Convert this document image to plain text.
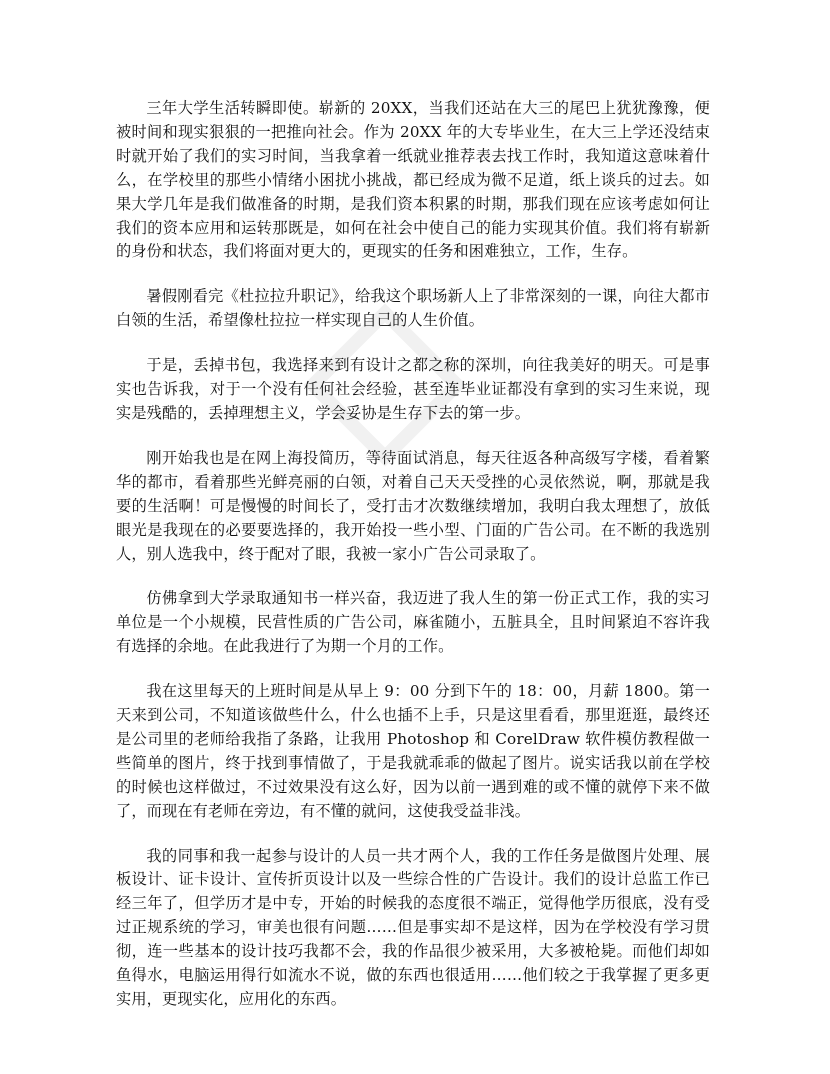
三年大学生活转瞬即使。崭新的 20XX，当我们还站在大三的尾巴上犹犹豫豫，便被时间和现实狠狠的一把推向社会。作为 20XX 年的大专毕业生，在大三上学还没结束时就开始了我们的实习时间，当我拿着一纸就业推荐表去找工作时，我知道这意味着什么，在学校里的那些小情绪小困扰小挑战，都已经成为微不足道，纸上谈兵的过去。如果大学几年是我们做准备的时期，是我们资本积累的时期，那我们现在应该考虑如何让我们的资本应用和运转那既是，如何在社会中使自己的能力实现其价值。我们将有崭新的身份和状态，我们将面对更大的，更现实的任务和困难独立，工作，生存。

暑假刚看完《杜拉拉升职记》，给我这个职场新人上了非常深刻的一课，向往大都市白领的生活，希望像杜拉拉一样实现自己的人生价值。

于是，丢掉书包，我选择来到有设计之都之称的深圳，向往我美好的明天。可是事实也告诉我，对于一个没有任何社会经验，甚至连毕业证都没有拿到的实习生来说，现实是残酷的，丢掉理想主义，学会妥协是生存下去的第一步。

刚开始我也是在网上海投简历，等待面试消息，每天往返各种高级写字楼，看着繁华的都市，看着那些光鲜亮丽的白领，对着自己天天受挫的心灵依然说，啊，那就是我要的生活啊！可是慢慢的时间长了，受打击才次数继续增加，我明白我太理想了，放低眼光是我现在的必要要选择的，我开始投一些小型、门面的广告公司。在不断的我选别人，别人选我中，终于配对了眼，我被一家小广告公司录取了。

仿佛拿到大学录取通知书一样兴奋，我迈进了我人生的第一份正式工作，我的实习单位是一个小规模，民营性质的广告公司，麻雀随小，五脏具全，且时间紧迫不容许我有选择的余地。在此我进行了为期一个月的工作。

我在这里每天的上班时间是从早上 9：00 分到下午的 18：00，月薪 1800。第一天来到公司，不知道该做些什么，什么也插不上手，只是这里看看，那里逛逛，最终还是公司里的老师给我指了条路，让我用 Photoshop 和 CorelDraw 软件模仿教程做一些简单的图片，终于找到事情做了，于是我就乖乖的做起了图片。说实话我以前在学校的时候也这样做过，不过效果没有这么好，因为以前一遇到难的或不懂的就停下来不做了，而现在有老师在旁边，有不懂的就问，这使我受益非浅。

我的同事和我一起参与设计的人员一共才两个人，我的工作任务是做图片处理、展板设计、证卡设计、宣传折页设计以及一些综合性的广告设计。我们的设计总监工作已经三年了，但学历才是中专，开始的时候我的态度很不端正，觉得他学历很底，没有受过正规系统的学习，审美也很有问题……但是事实却不是这样，因为在学校没有学习贯彻，连一些基本的设计技巧我都不会，我的作品很少被采用，大多被枪毙。而他们却如鱼得水，电脑运用得行如流水不说，做的东西也很适用……他们较之于我掌握了更多更实用，更现实化，应用化的东西。
